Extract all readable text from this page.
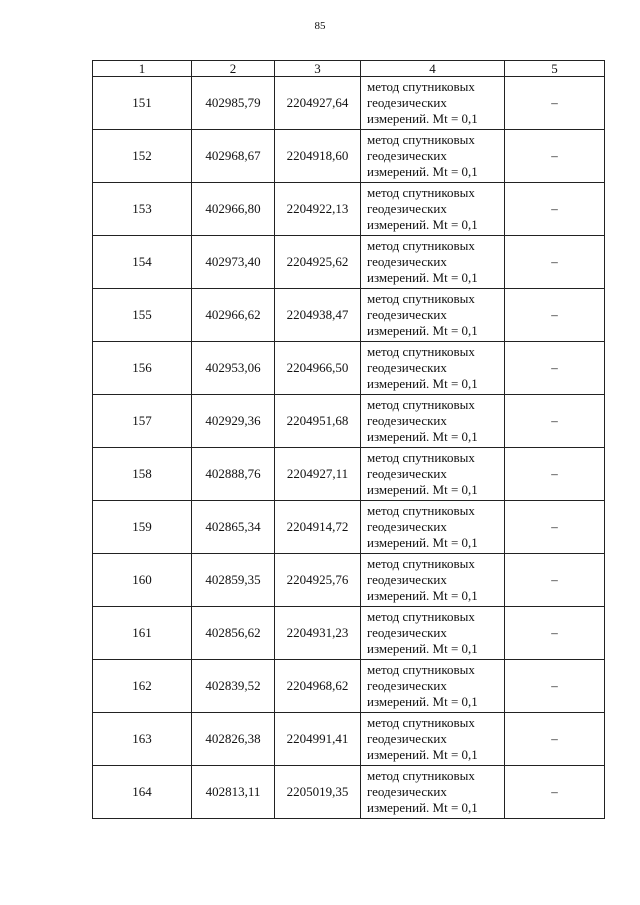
85
1	2	3	4	5
151	402985,79	2204927,64	метод спутниковых
геодезических
измерений. Mt = 0,1	–
152	402968,67	2204918,60	метод спутниковых
геодезических
измерений. Mt = 0,1	–
153	402966,80	2204922,13	метод спутниковых
геодезических
измерений. Mt = 0,1	–
154	402973,40	2204925,62	метод спутниковых
геодезических
измерений. Mt = 0,1	–
155	402966,62	2204938,47	метод спутниковых
геодезических
измерений. Mt = 0,1	–
156	402953,06	2204966,50	метод спутниковых
геодезических
измерений. Mt = 0,1	–
157	402929,36	2204951,68	метод спутниковых
геодезических
измерений. Mt = 0,1	–
158	402888,76	2204927,11	метод спутниковых
геодезических
измерений. Mt = 0,1	–
159	402865,34	2204914,72	метод спутниковых
геодезических
измерений. Mt = 0,1	–
160	402859,35	2204925,76	метод спутниковых
геодезических
измерений. Mt = 0,1	–
161	402856,62	2204931,23	метод спутниковых
геодезических
измерений. Mt = 0,1	–
162	402839,52	2204968,62	метод спутниковых
геодезических
измерений. Mt = 0,1	–
163	402826,38	2204991,41	метод спутниковых
геодезических
измерений. Mt = 0,1	–
164	402813,11	2205019,35	метод спутниковых
геодезических
измерений. Mt = 0,1	–
